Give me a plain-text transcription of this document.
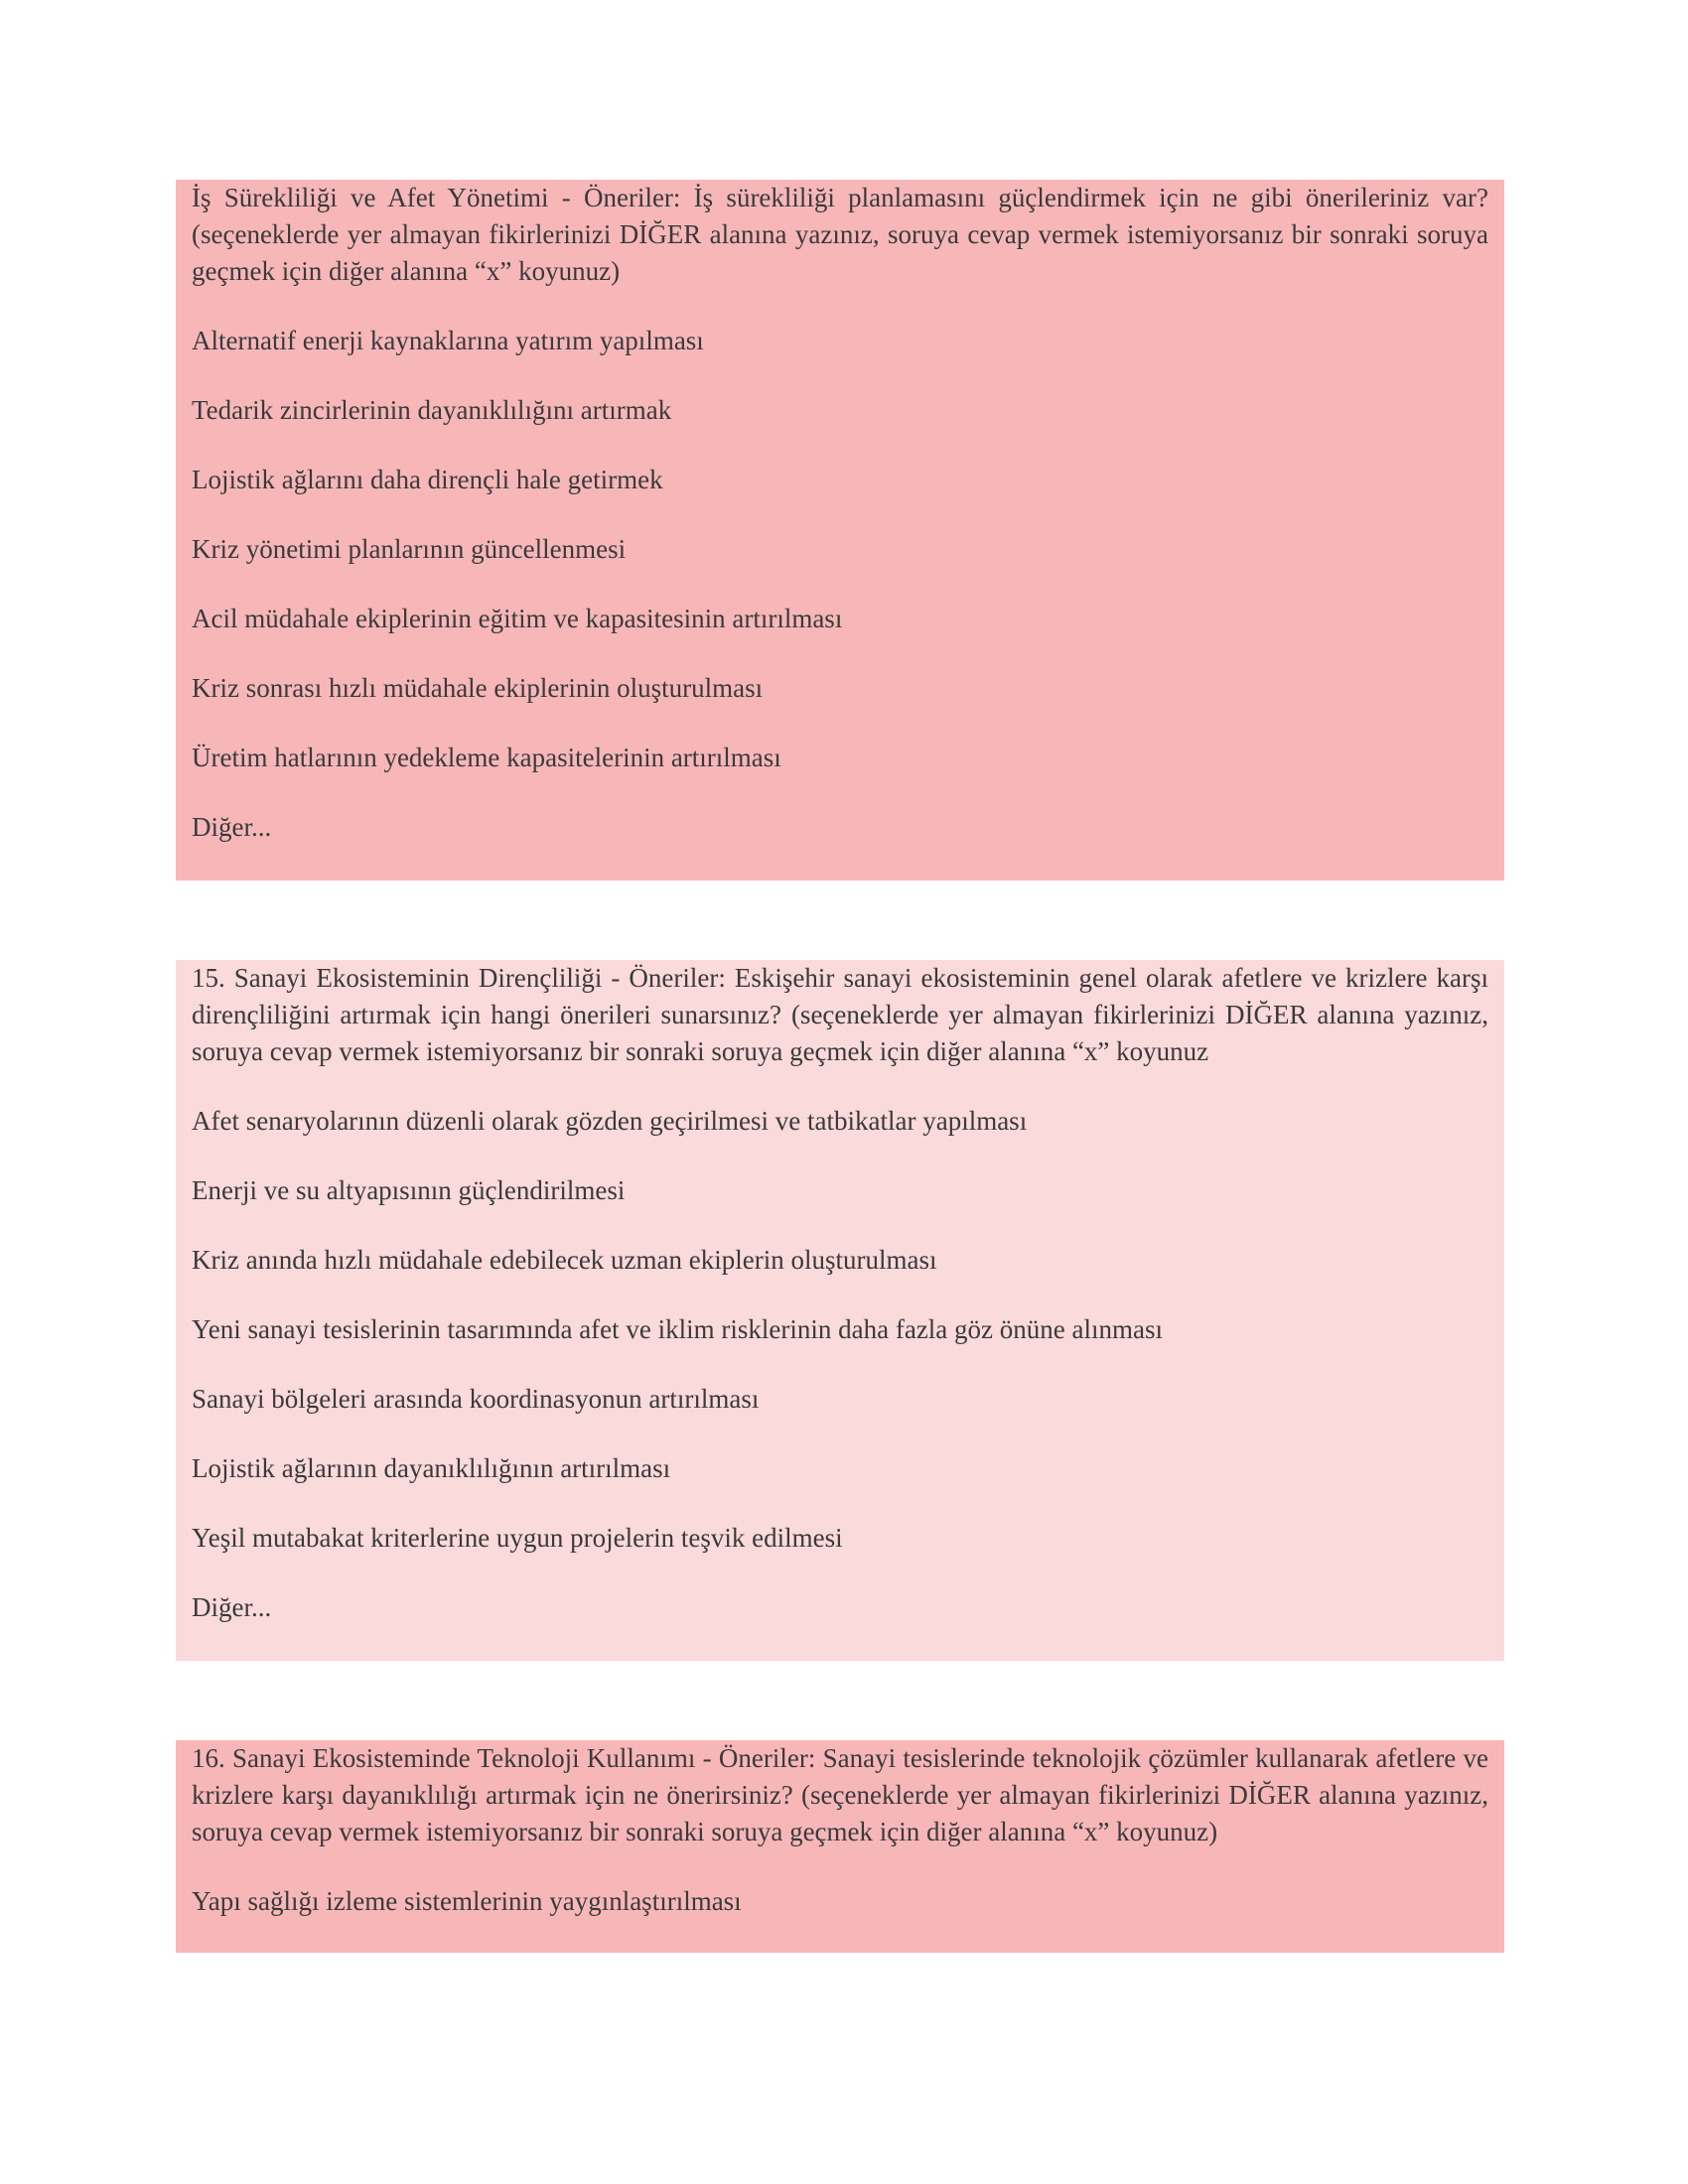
İş Sürekliliği ve Afet Yönetimi - Öneriler: İş sürekliliği planlamasını güçlendirmek için ne gibi önerileriniz var? (seçeneklerde yer almayan fikirlerinizi DİĞER alanına yazınız, soruya cevap vermek istemiyorsanız bir sonraki soruya geçmek için diğer alanına “x” koyunuz)

Alternatif enerji kaynaklarına yatırım yapılması
Tedarik zincirlerinin dayanıklılığını artırmak
Lojistik ağlarını daha dirençli hale getirmek
Kriz yönetimi planlarının güncellenmesi
Acil müdahale ekiplerinin eğitim ve kapasitesinin artırılması
Kriz sonrası hızlı müdahale ekiplerinin oluşturulması
Üretim hatlarının yedekleme kapasitelerinin artırılması
Diğer...

15. Sanayi Ekosisteminin Dirençliliği - Öneriler: Eskişehir sanayi ekosisteminin genel olarak afetlere ve krizlere karşı dirençliliğini artırmak için hangi önerileri sunarsınız? (seçeneklerde yer almayan fikirlerinizi DİĞER alanına yazınız, soruya cevap vermek istemiyorsanız bir sonraki soruya geçmek için diğer alanına “x” koyunuz

Afet senaryolarının düzenli olarak gözden geçirilmesi ve tatbikatlar yapılması
Enerji ve su altyapısının güçlendirilmesi
Kriz anında hızlı müdahale edebilecek uzman ekiplerin oluşturulması
Yeni sanayi tesislerinin tasarımında afet ve iklim risklerinin daha fazla göz önüne alınması
Sanayi bölgeleri arasında koordinasyonun artırılması
Lojistik ağlarının dayanıklılığının artırılması
Yeşil mutabakat kriterlerine uygun projelerin teşvik edilmesi
Diğer...

16. Sanayi Ekosisteminde Teknoloji Kullanımı - Öneriler: Sanayi tesislerinde teknolojik çözümler kullanarak afetlere ve krizlere karşı dayanıklılığı artırmak için ne önerirsiniz? (seçeneklerde yer almayan fikirlerinizi DİĞER alanına yazınız, soruya cevap vermek istemiyorsanız bir sonraki soruya geçmek için diğer alanına “x” koyunuz)

Yapı sağlığı izleme sistemlerinin yaygınlaştırılması
